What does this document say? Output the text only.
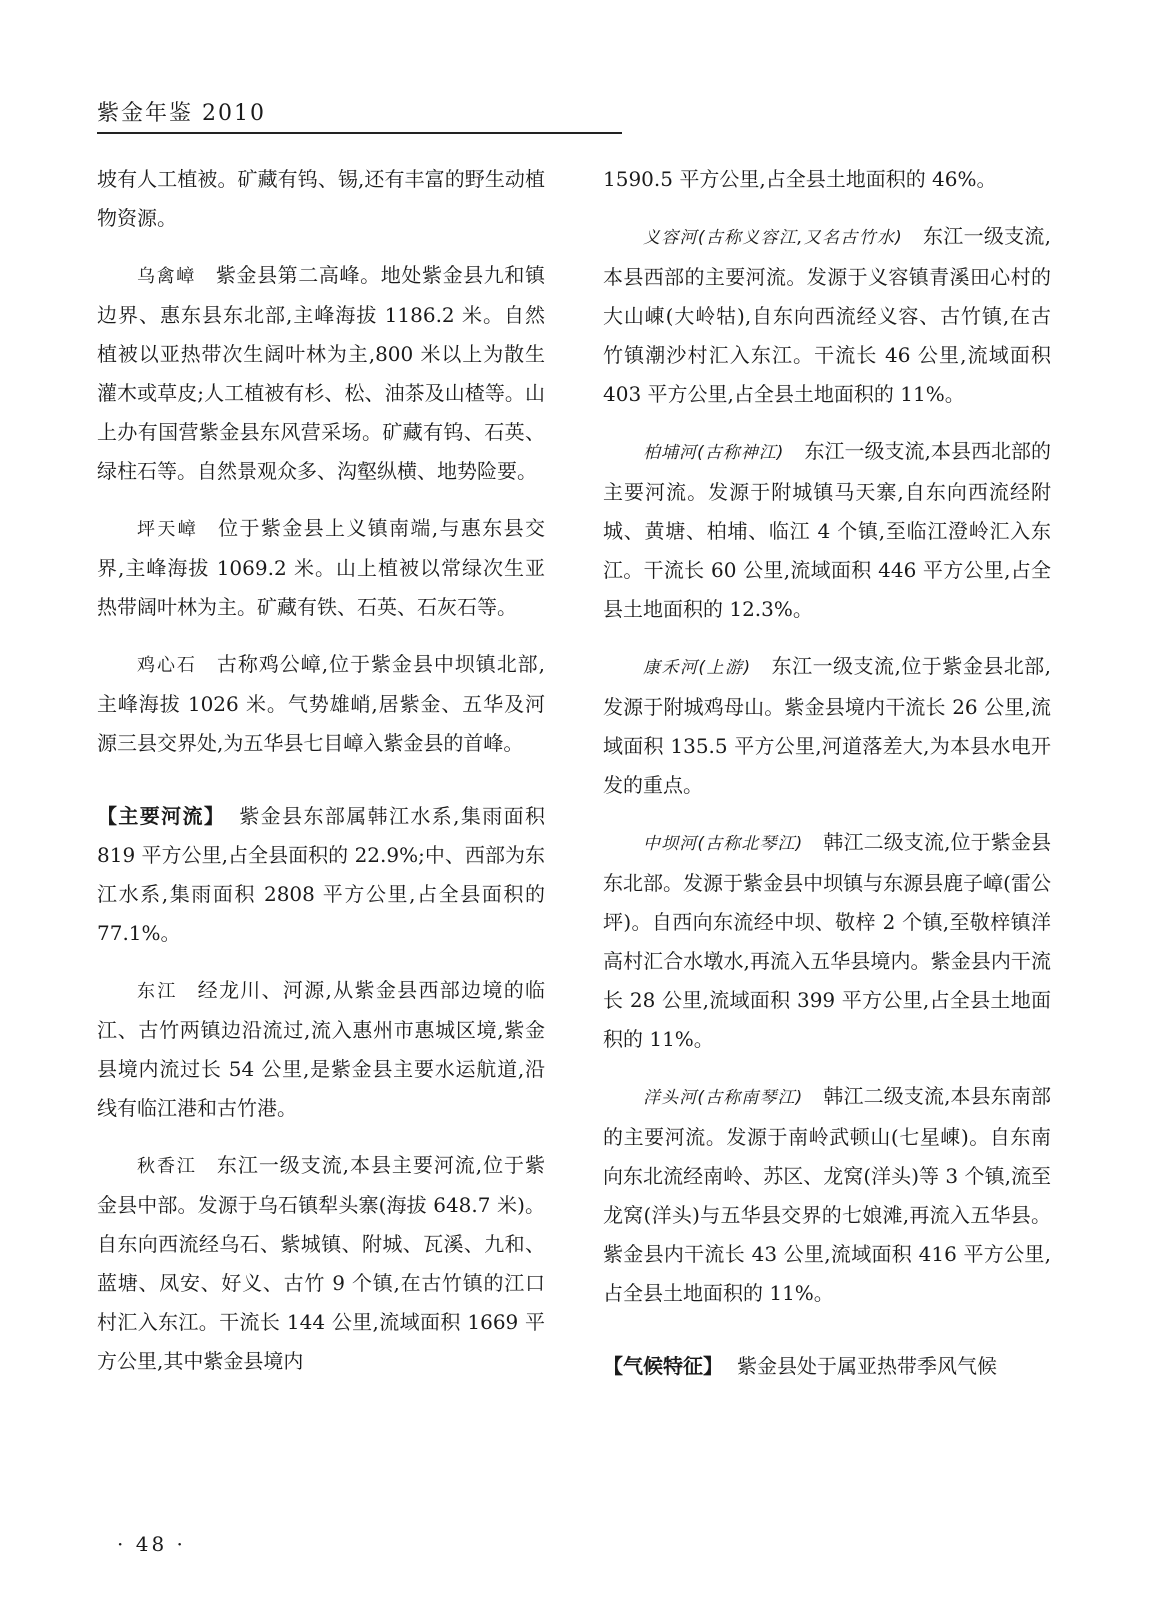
紫金年鉴 2010

坡有人工植被。矿藏有钨、锡,还有丰富的野生动植物资源。

乌禽嶂 紫金县第二高峰。地处紫金县九和镇边界、惠东县东北部,主峰海拔 1186.2 米。自然植被以亚热带次生阔叶林为主,800 米以上为散生灌木或草皮;人工植被有杉、松、油茶及山楂等。山上办有国营紫金县东风营采场。矿藏有钨、石英、绿柱石等。自然景观众多、沟壑纵横、地势险要。

坪天嶂 位于紫金县上义镇南端,与惠东县交界,主峰海拔 1069.2 米。山上植被以常绿次生亚热带阔叶林为主。矿藏有铁、石英、石灰石等。

鸡心石 古称鸡公嶂,位于紫金县中坝镇北部,主峰海拔 1026 米。气势雄峭,居紫金、五华及河源三县交界处,为五华县七目嶂入紫金县的首峰。

【主要河流】 紫金县东部属韩江水系,集雨面积 819 平方公里,占全县面积的 22.9%;中、西部为东江水系,集雨面积 2808 平方公里,占全县面积的 77.1%。

东江 经龙川、河源,从紫金县西部边境的临江、古竹两镇边沿流过,流入惠州市惠城区境,紫金县境内流过长 54 公里,是紫金县主要水运航道,沿线有临江港和古竹港。

秋香江 东江一级支流,本县主要河流,位于紫金县中部。发源于乌石镇犁头寨(海拔 648.7 米)。自东向西流经乌石、紫城镇、附城、瓦溪、九和、蓝塘、凤安、好义、古竹 9 个镇,在古竹镇的江口村汇入东江。干流长 144 公里,流域面积 1669 平方公里,其中紫金县境内

1590.5 平方公里,占全县土地面积的 46%。

义容河(古称义容江,又名古竹水) 东江一级支流,本县西部的主要河流。发源于义容镇青溪田心村的大山崠(大岭牯),自东向西流经义容、古竹镇,在古竹镇潮沙村汇入东江。干流长 46 公里,流域面积 403 平方公里,占全县土地面积的 11%。

柏埔河(古称神江) 东江一级支流,本县西北部的主要河流。发源于附城镇马天寨,自东向西流经附城、黄塘、柏埔、临江 4 个镇,至临江澄岭汇入东江。干流长 60 公里,流域面积 446 平方公里,占全县土地面积的 12.3%。

康禾河(上游) 东江一级支流,位于紫金县北部,发源于附城鸡母山。紫金县境内干流长 26 公里,流域面积 135.5 平方公里,河道落差大,为本县水电开发的重点。

中坝河(古称北琴江) 韩江二级支流,位于紫金县东北部。发源于紫金县中坝镇与东源县鹿子嶂(雷公坪)。自西向东流经中坝、敬梓 2 个镇,至敬梓镇洋高村汇合水墩水,再流入五华县境内。紫金县内干流长 28 公里,流域面积 399 平方公里,占全县土地面积的 11%。

洋头河(古称南琴江) 韩江二级支流,本县东南部的主要河流。发源于南岭武顿山(七星崠)。自东南向东北流经南岭、苏区、龙窝(洋头)等 3 个镇,流至龙窝(洋头)与五华县交界的七娘滩,再流入五华县。紫金县内干流长 43 公里,流域面积 416 平方公里,占全县土地面积的 11%。

【气候特征】 紫金县处于属亚热带季风气候

· 48 ·
